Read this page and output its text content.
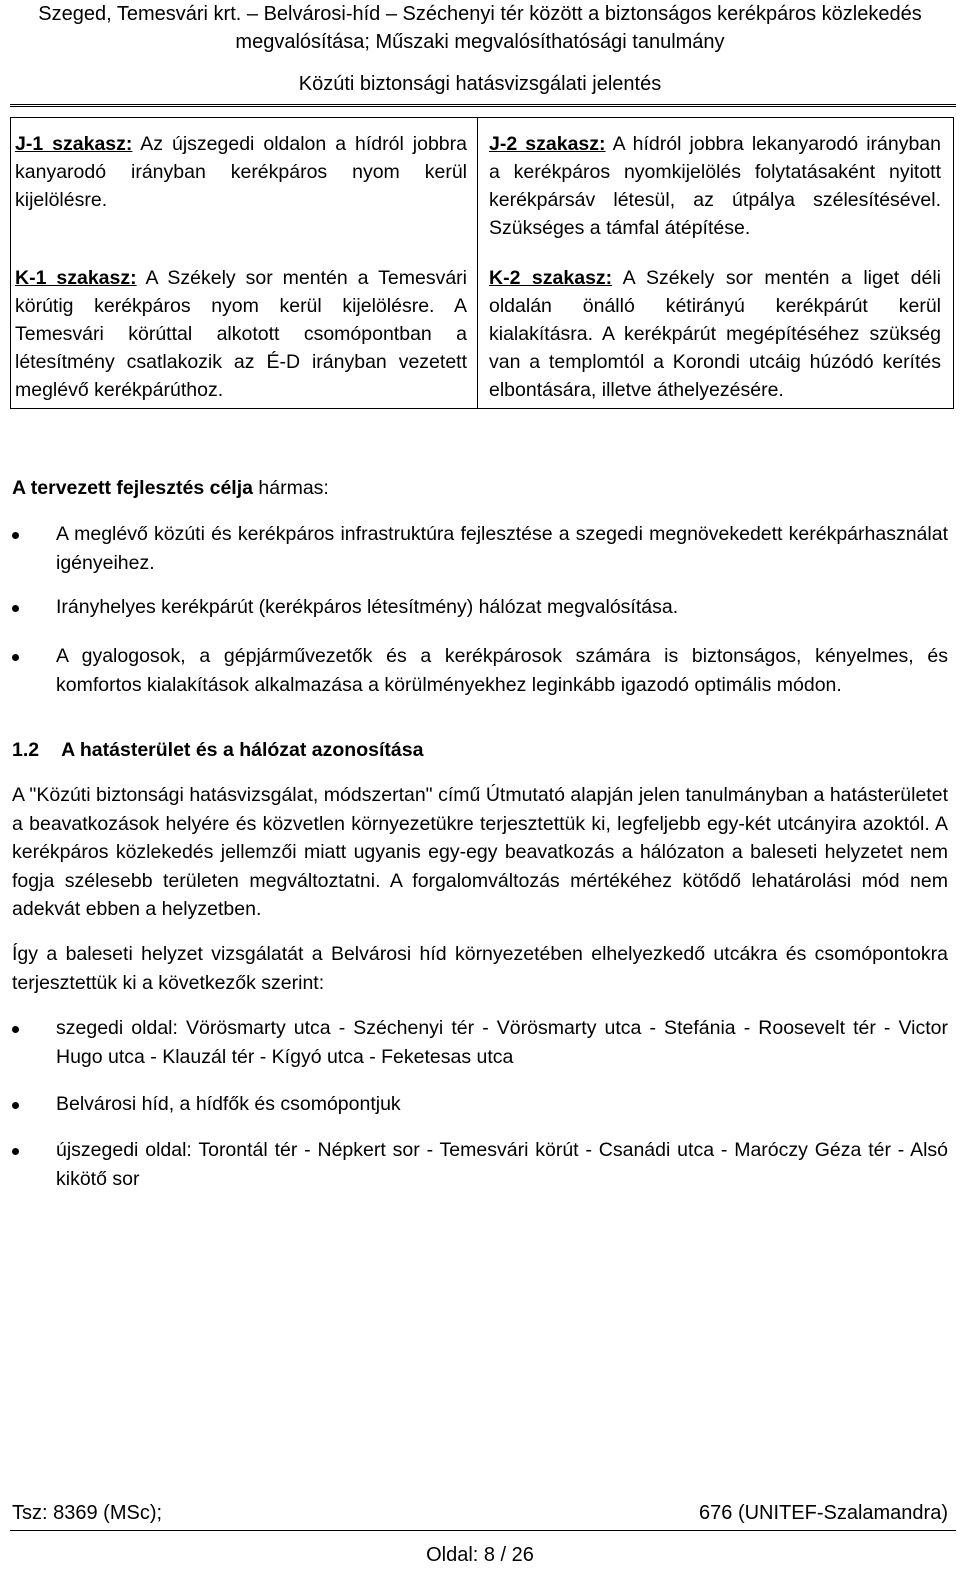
Szeged, Temesvári krt. – Belvárosi-híd – Széchenyi tér között a biztonságos kerékpáros közlekedés
megvalósítása; Műszaki megvalósíthatósági tanulmány
Közúti biztonsági hatásvizsgálati jelentés
J-1 szakasz: Az újszegedi oldalon a hídról jobbra kanyarodó irányban kerékpáros nyom kerül kijelölésre.
K-1 szakasz: A Székely sor mentén a Temesvári körútig kerékpáros nyom kerül kijelölésre. A Temesvári körúttal alkotott csomópontban a létesítmény csatlakozik az É-D irányban vezetett meglévő kerékpárúthoz.
J-2 szakasz: A hídról jobbra lekanyarodó irányban a kerékpáros nyomkijelölés folytatásaként nyitott kerékpársáv létesül, az útpálya szélesítésével. Szükséges a támfal átépítése.
K-2 szakasz: A Székely sor mentén a liget déli oldalán önálló kétirányú kerékpárút kerül kialakításra. A kerékpárút megépítéséhez szükség van a templomtól a Korondi utcáig húzódó kerítés elbontására, illetve áthelyezésére.
A tervezett fejlesztés célja hármas:
A meglévő közúti és kerékpáros infrastruktúra fejlesztése a szegedi megnövekedett kerékpárhasználat igényeihez.
Irányhelyes kerékpárút (kerékpáros létesítmény) hálózat megvalósítása.
A gyalogosok, a gépjárművezetők és a kerékpárosok számára is biztonságos, kényelmes, és komfortos kialakítások alkalmazása a körülményekhez leginkább igazodó optimális módon.
1.2 A hatásterület és a hálózat azonosítása
A "Közúti biztonsági hatásvizsgálat, módszertan" című Útmutató alapján jelen tanulmányban a hatásterületet a beavatkozások helyére és közvetlen környezetükre terjesztettük ki, legfeljebb egy-két utcányira azoktól. A kerékpáros közlekedés jellemzői miatt ugyanis egy-egy beavatkozás a hálózaton a baleseti helyzetet nem fogja szélesebb területen megváltoztatni. A forgalomváltozás mértékéhez kötődő lehatárolási mód nem adekvát ebben a helyzetben.
Így a baleseti helyzet vizsgálatát a Belvárosi híd környezetében elhelyezkedő utcákra és csomópontokra terjesztettük ki a következők szerint:
szegedi oldal: Vörösmarty utca - Széchenyi tér - Vörösmarty utca - Stefánia - Roosevelt tér - Victor Hugo utca - Klauzál tér - Kígyó utca - Feketesas utca
Belvárosi híd, a hídfők és csomópontjuk
újszegedi oldal: Torontál tér - Népkert sor - Temesvári körút - Csanádi utca - Maróczy Géza tér - Alsó kikötő sor
Tsz: 8369 (MSc);	676 (UNITEF-Szalamandra)
Oldal: 8 / 26
